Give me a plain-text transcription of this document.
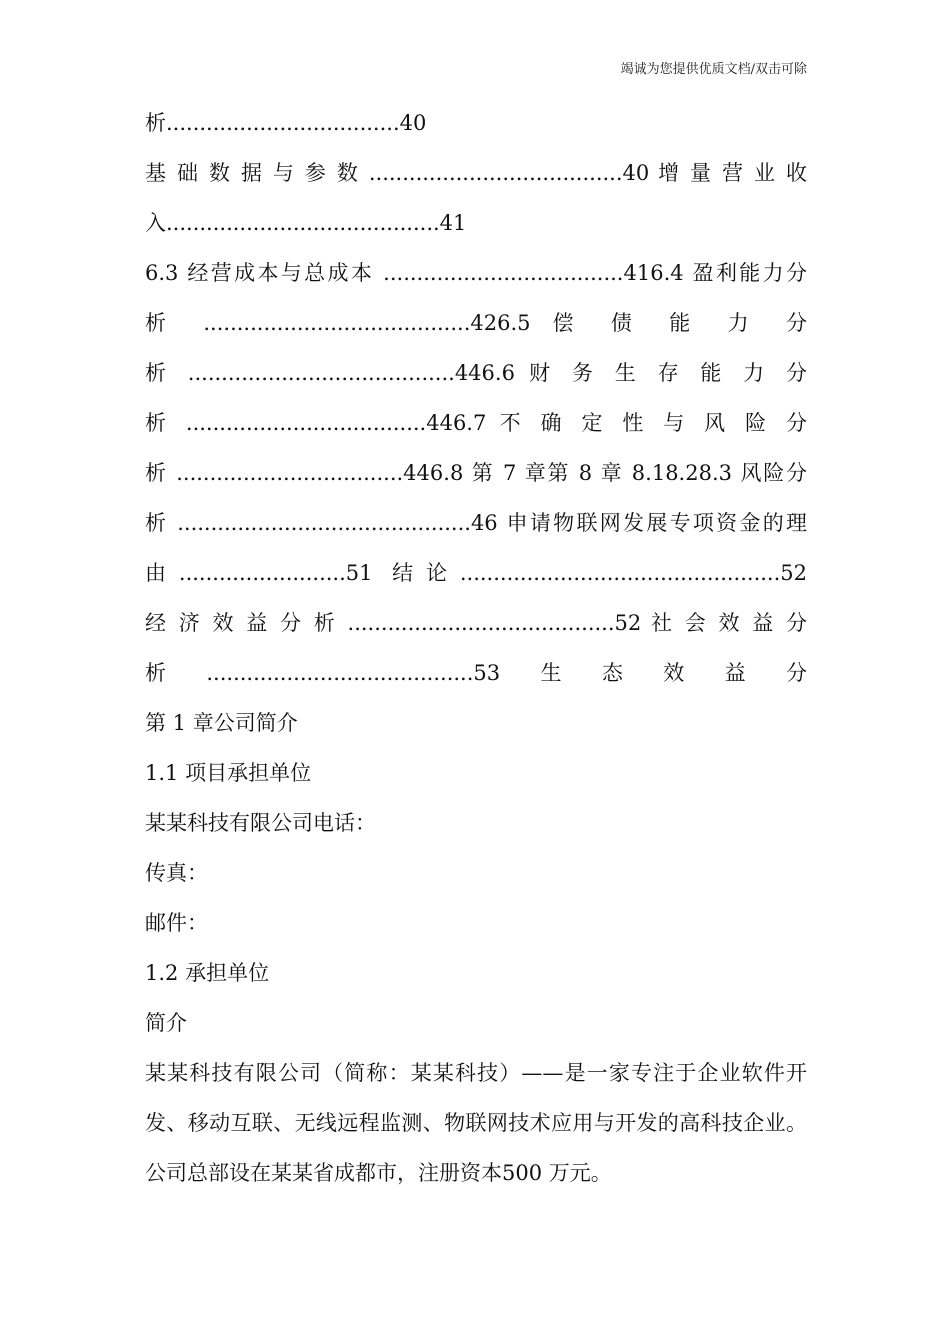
竭诚为您提供优质文档/双击可除
析...................................40
基 础 数 据 与 参 数 ......................................40 增 量 营 业 收
入.........................................41
6.3 经营成本与总成本 ....................................416.4 盈利能力分
析 ........................................426.5 偿 债 能 力 分
析 ........................................446.6 财 务 生 存 能 力 分
析 ....................................446.7 不 确 定 性 与 风 险 分
析 ..................................446.8 第 7 章第 8 章 8.18.28.3 风险分
析 ............................................46 申请物联网发展专项资金的理
由.........................51 结论................................................52
经 济 效 益 分 析 ........................................52 社 会 效 益 分
析........................................53生态效益分
第 1 章公司简介
1.1 项目承担单位
某某科技有限公司电话：
传真：
邮件：
1.2 承担单位
简介
某某科技有限公司（简称：某某科技）——是一家专注于企业软件开
发、移动互联、无线远程监测、物联网技术应用与开发的高科技企业。
公司总部设在某某省成都市，注册资本500 万元。
